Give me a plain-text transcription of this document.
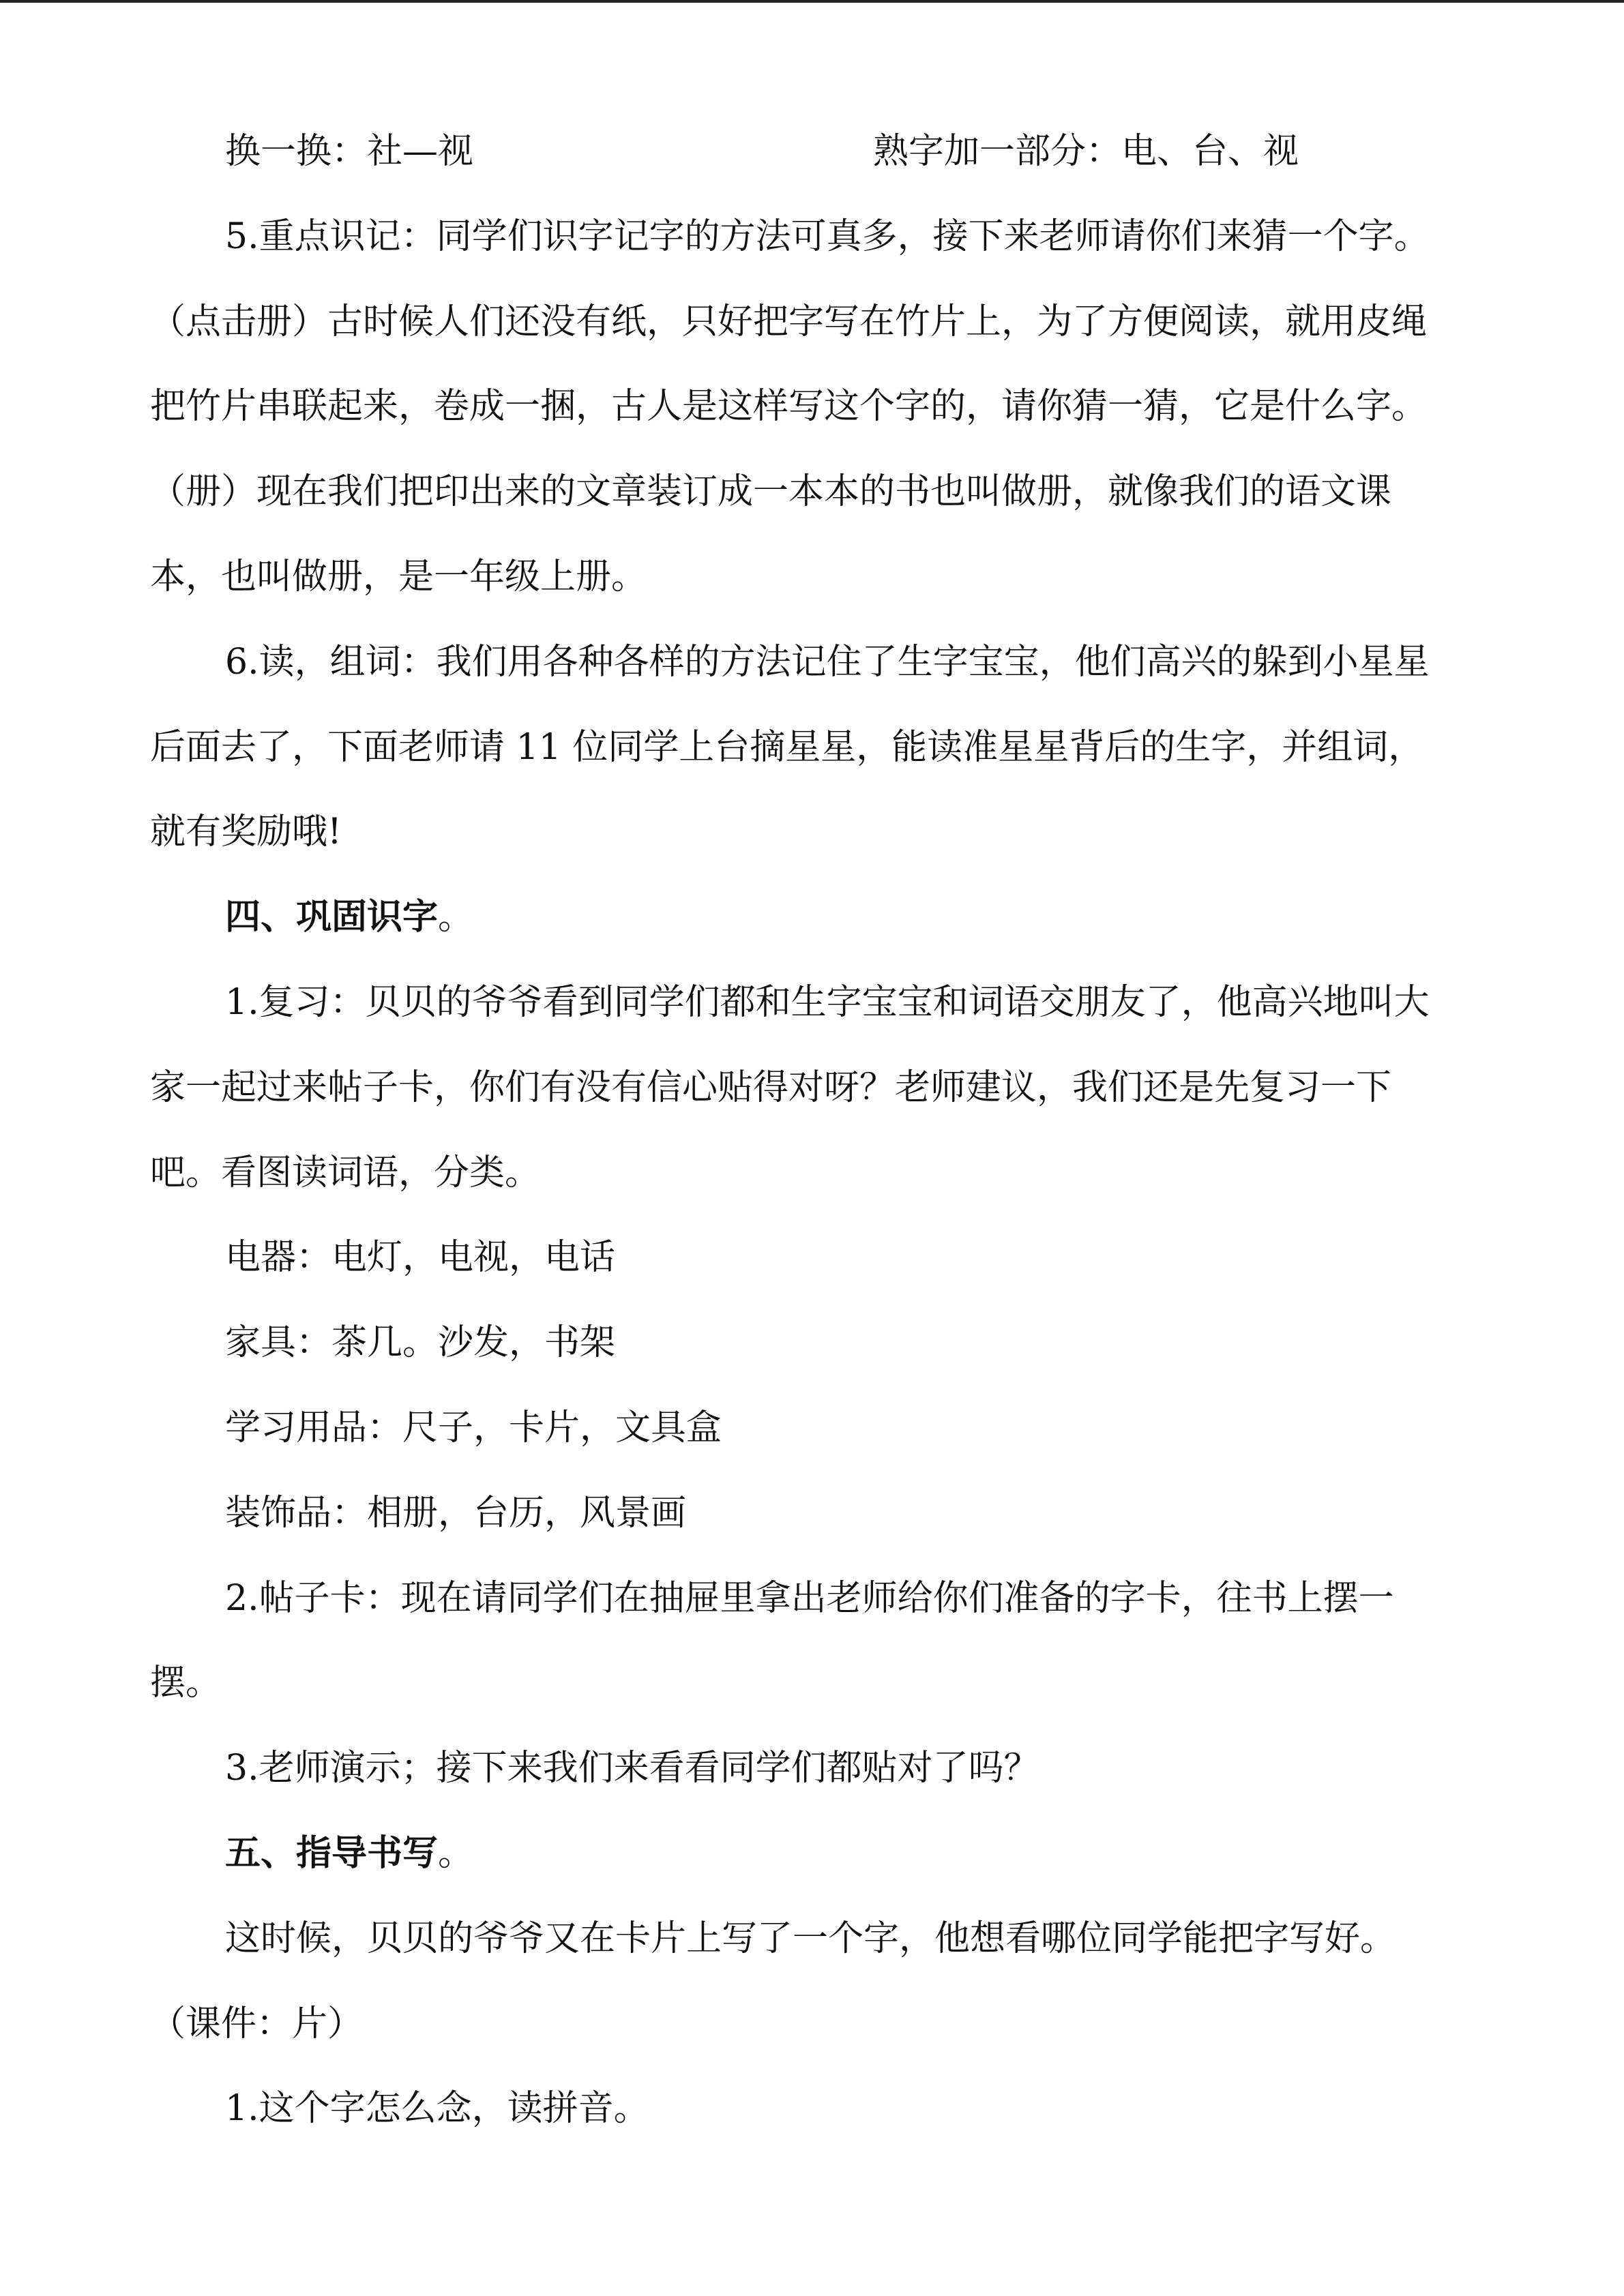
换一换：社—视	熟字加一部分：电、台、视
5.重点识记：同学们识字记字的方法可真多，接下来老师请你们来猜一个字。
（点击册）古时候人们还没有纸，只好把字写在竹片上，为了方便阅读，就用皮绳
把竹片串联起来，卷成一捆，古人是这样写这个字的，请你猜一猜，它是什么字。
（册）现在我们把印出来的文章装订成一本本的书也叫做册，就像我们的语文课
本，也叫做册，是一年级上册。
6.读，组词：我们用各种各样的方法记住了生字宝宝，他们高兴的躲到小星星
后面去了，下面老师请 11 位同学上台摘星星，能读准星星背后的生字，并组词，
就有奖励哦!
四、巩固识字。
1.复习：贝贝的爷爷看到同学们都和生字宝宝和词语交朋友了，他高兴地叫大
家一起过来帖子卡，你们有没有信心贴得对呀？老师建议，我们还是先复习一下
吧。看图读词语，分类。
电器：电灯，电视，电话
家具：茶几。沙发，书架
学习用品：尺子，卡片，文具盒
装饰品：相册，台历，风景画
2.帖子卡：现在请同学们在抽屉里拿出老师给你们准备的字卡，往书上摆一
摆。
3.老师演示；接下来我们来看看同学们都贴对了吗？
五、指导书写。
这时候，贝贝的爷爷又在卡片上写了一个字，他想看哪位同学能把字写好。
（课件：片）
1.这个字怎么念，读拼音。
